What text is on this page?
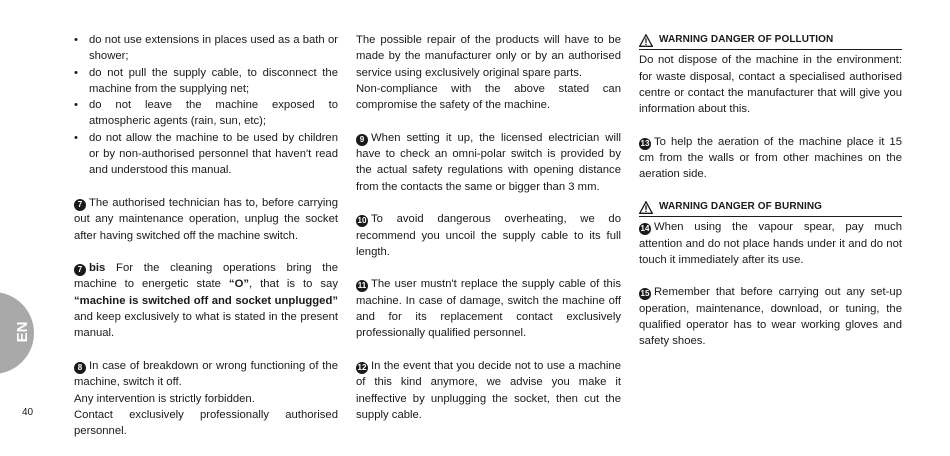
EN
40
• do not use extensions in places used as a bath or shower;
• do not pull the supply cable, to disconnect the machine from the supplying net;
• do not leave the machine exposed to atmospheric agents (rain, sun, etc);
• do not allow the machine to be used by children or by non-authorised personnel that haven't read and understood this manual.

7 The authorised technician has to, before carrying out any maintenance operation, unplug the socket after having switched off the machine switch.

7 bis For the cleaning operations bring the machine to energetic state “O”, that is to say “machine is switched off and socket unplugged” and keep exclusively to what is stated in the present manual.

8 In case of breakdown or wrong functioning of the machine, switch it off.

Any intervention is strictly forbidden.

Contact exclusively professionally authorised personnel.

The possible repair of the products will have to be made by the manufacturer only or by an authorised service using exclusively original spare parts.

Non-compliance with the above stated can compromise the safety of the machine.

9 When setting it up, the licensed electrician will have to check an omni-polar switch is provided by the actual safety regulations with opening distance from the contacts the same or bigger than 3 mm.

10 To avoid dangerous overheating, we do recommend you uncoil the supply cable to its full length.

11 The user mustn't replace the supply cable of this machine. In case of damage, switch the machine off and for its replacement contact exclusively professionally qualified personnel.

12 In the event that you decide not to use a machine of this kind anymore, we advise you make it ineffective by unplugging the socket, then cut the supply cable.

WARNING DANGER OF POLLUTION

Do not dispose of the machine in the environment: for waste disposal, contact a specialised authorised centre or contact the manufacturer that will give you information about this.

13 To help the aeration of the machine place it 15 cm from the walls or from other machines on the aeration side.

WARNING DANGER OF BURNING

14 When using the vapour spear, pay much attention and do not place hands under it and do not touch it immediately after its use.

15 Remember that before carrying out any set-up operation, maintenance, download, or tuning, the qualified operator has to wear working gloves and safety shoes.
